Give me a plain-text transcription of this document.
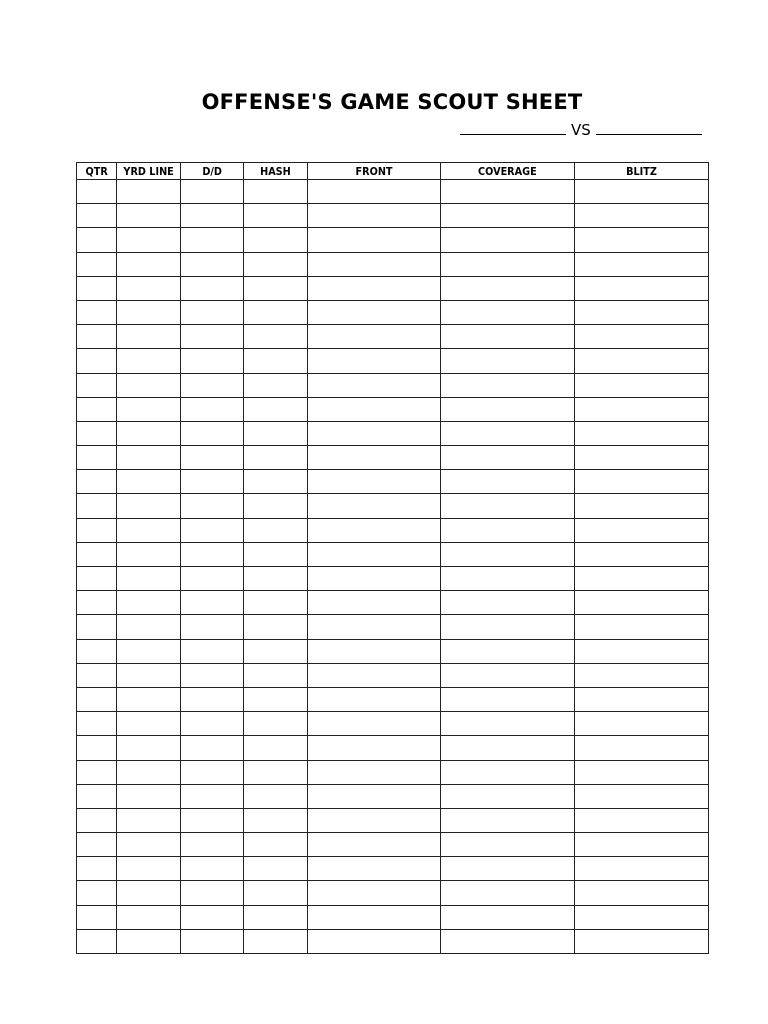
OFFENSE'S GAME SCOUT SHEET
VS
QTR	YRD LINE	D/D	HASH	FRONT	COVERAGE	BLITZ
